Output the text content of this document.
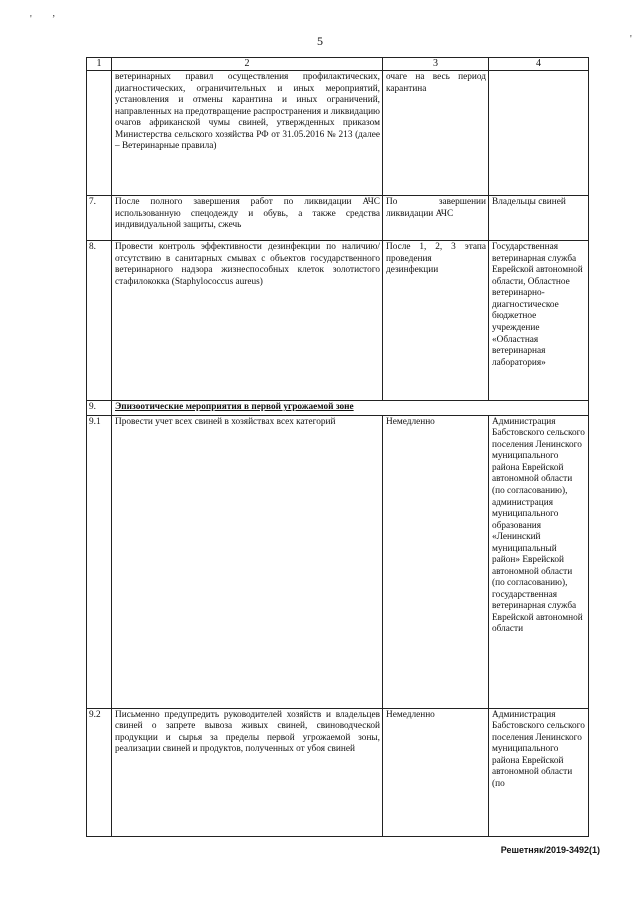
' ’
'
5
1	2	3	4
	ветеринарных правил осуществления профилактических, диагностических, ограничительных и иных мероприятий, установления и отмены карантина и иных ограничений, направленных на предотвращение распространения и ликвидацию очагов африканской чумы свиней, утвержденных приказом Министерства сельского хозяйства РФ от 31.05.2016 № 213 (далее – Ветеринарные правила)	очаге на весь период карантина	
7.	После полного завершения работ по ликвидации АЧС использованную спецодежду и обувь, а также средства индивидуальной защиты, сжечь	По завершении ликвидации АЧС	Владельцы свиней
8.	Провести контроль эффективности дезинфекции по наличию/отсутствию в санитарных смывах с объектов государственного ветеринарного надзора жизнеспособных клеток золотистого стафилококка (Staphylococcus aureus)	После 1, 2, 3 этапа проведения дезинфекции	Государственная ветеринарная служба Еврейской автономной области, Областное ветеринарно-диагностическое бюджетное учреждение «Областная ветеринарная лаборатория»
9.	Эпизоотические мероприятия в первой угрожаемой зоне		
9.1	Провести учет всех свиней в хозяйствах всех категорий	Немедленно	Администрация Бабстовского сельского поселения Ленинского муниципального района Еврейской автономной области (по согласованию), администрация муниципального образования «Ленинский муниципальный район» Еврейской автономной области (по согласованию), государственная ветеринарная служба Еврейской автономной области
9.2	Письменно предупредить руководителей хозяйств и владельцев свиней о запрете вывоза живых свиней, свиноводческой продукции и сырья за пределы первой угрожаемой зоны, реализации свиней и продуктов, полученных от убоя свиней	Немедленно	Администрация Бабстовского сельского поселения Ленинского муниципального района Еврейской автономной области (по
Решетняк/2019-3492(1)
